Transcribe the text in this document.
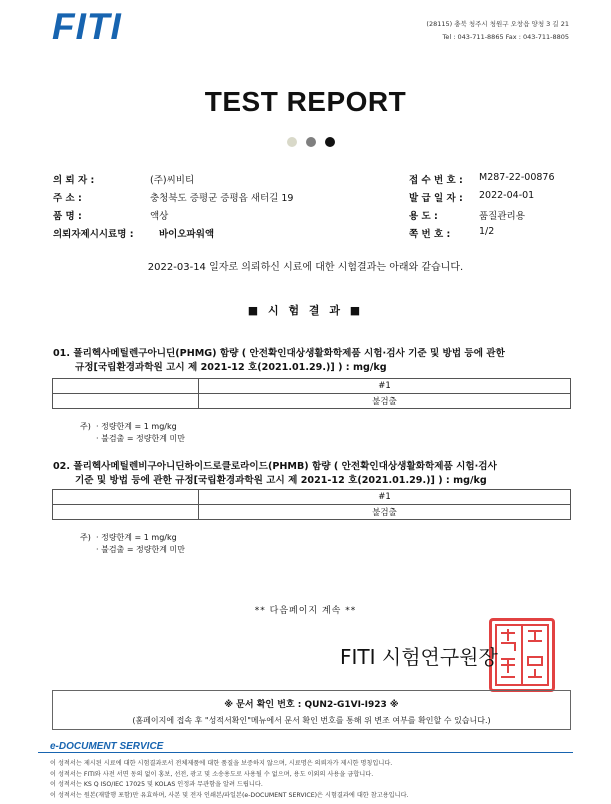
FITI	(28115) 충북 청주시 청원구 오창읍 양청 3 길 21
Tel : 043-711-8865 Fax : 043-711-8805
TEST REPORT
의 뢰 자 :	(주)씨비티
주 소 :	충청북도 증평군 증평읍 새터길 19
품 명 :	액상
의뢰자제시시료명 :	바이오파워액
접 수 번 호 : M287-22-00876
발 급 일 자 : 2022-04-01
용 도 :	품질관리용
쪽 번 호 :	1/2
2022-03-14 일자로 의뢰하신 시료에 대한 시험결과는 아래와 같습니다.
■ 시 험 결 과 ■
01. 폴리헥사메틸렌구아니딘(PHMG) 함량 ( 안전확인대상생활화학제품 시험·검사 기준 및 방법 등에 관한
규정[국립환경과학원 고시 제 2021-12 호(2021.01.29.)] ) : mg/kg
	#1
	불검출
주) · 정량한계 = 1 mg/kg
· 불검출 = 정량한계 미만
02. 폴리헥사메틸렌비구아니딘하이드로클로라이드(PHMB) 함량 ( 안전확인대상생활화학제품 시험·검사
기준 및 방법 등에 관한 규정[국립환경과학원 고시 제 2021-12 호(2021.01.29.)] ) : mg/kg
	#1
	불검출
주) · 정량한계 = 1 mg/kg
· 불검출 = 정량한계 미만
** 다음페이지 계속 **
FITI 시험연구원장
※ 문서 확인 번호 : QUN2-G1VI-I923 ※
(홈페이지에 접속 후 "성적서확인"메뉴에서 문서 확인 번호를 통해 위 변조 여부를 확인할 수 있습니다.)
e-DOCUMENT SERVICE
이 성적서는 제시된 시료에 대한 시험결과로서 전체제품에 대한 품질을 보증하지 않으며, 시료명은 의뢰자가 제시한 명칭입니다.
이 성적서는 FITI와 사전 서면 동의 없이 홍보, 선전, 광고 및 소송용도로 사용될 수 없으며, 용도 이외의 사용을 금합니다.
이 성적서는 KS Q ISO/IEC 17025 및 KOLAS 인정과 무관함을 알려 드립니다.
이 성적서는 원본(재발행 포함)만 유효하며, 사본 및 전자 인쇄본/파일본(e-DOCUMENT SERVICE)은 시험결과에 대한 참고용입니다.
